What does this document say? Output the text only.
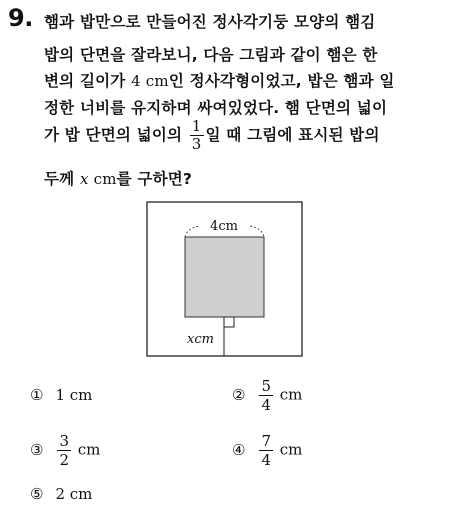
9. 햄과 밥만으로 만들어진 정사각기둥 모양의 햄김
밥의 단면을 잘라보니, 다음 그림과 같이 햄은 한
변의 길이가 4 cm인 정사각형이었고, 밥은 햄과 일
정한 너비를 유지하며 싸여있었다. 햄 단면의 넓이
가 밥 단면의 넓이의 $\frac{1}{3}$ 일 때 그림에 표시된 밥의
두께 x cm를 구하면?
4cm
xcm
① 1 cm	② $\frac{5}{4}$ cm
③ $\frac{3}{2}$ cm	④ $\frac{7}{4}$ cm
⑤ 2 cm
